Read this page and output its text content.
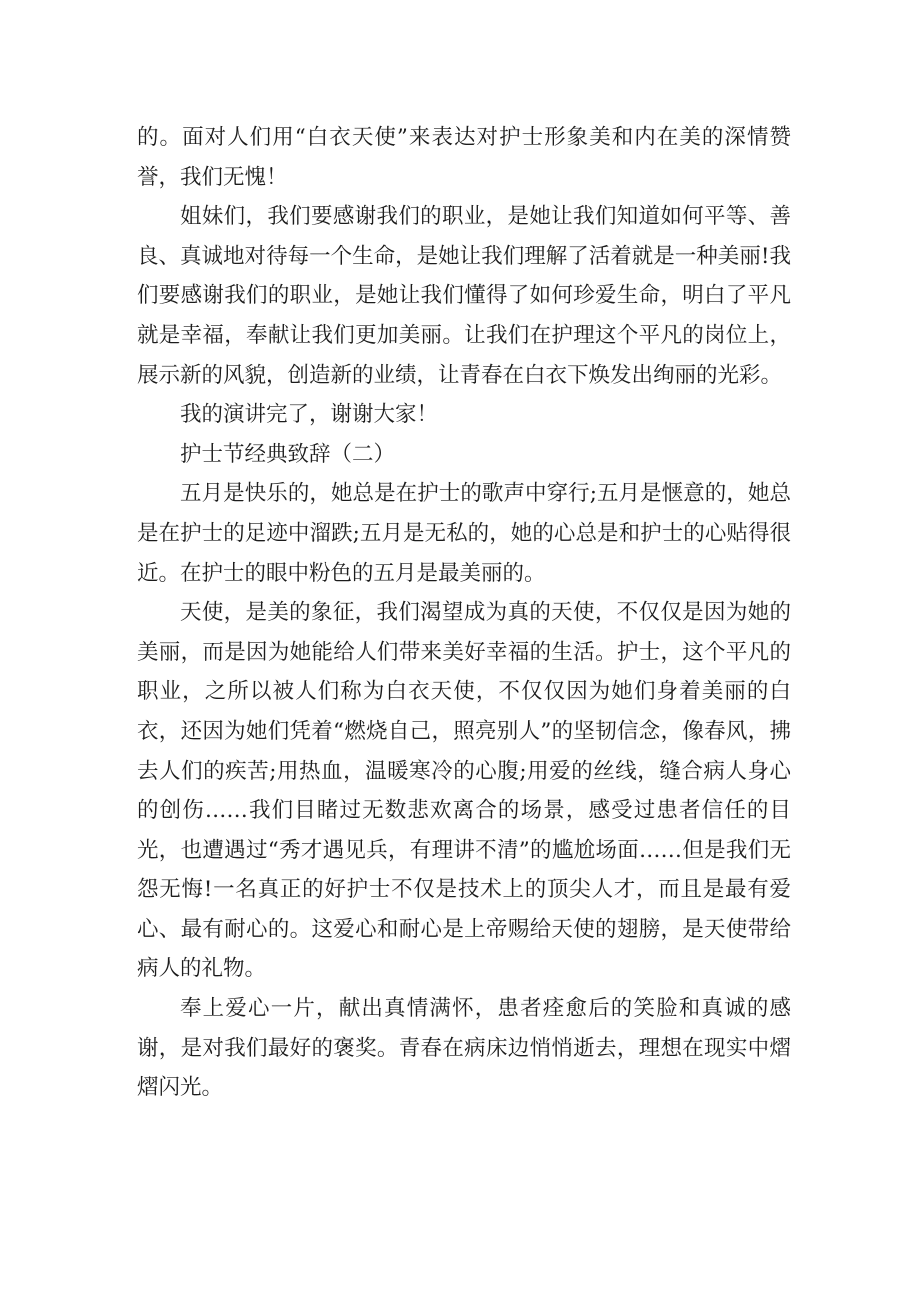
的。面对人们用“白衣天使”来表达对护士形象美和内在美的深情赞誉，我们无愧！

姐妹们，我们要感谢我们的职业，是她让我们知道如何平等、善良、真诚地对待每一个生命，是她让我们理解了活着就是一种美丽!我们要感谢我们的职业，是她让我们懂得了如何珍爱生命，明白了平凡就是幸福，奉献让我们更加美丽。让我们在护理这个平凡的岗位上，展示新的风貌，创造新的业绩，让青春在白衣下焕发出绚丽的光彩。

我的演讲完了，谢谢大家！

护士节经典致辞（二）

五月是快乐的，她总是在护士的歌声中穿行;五月是惬意的，她总是在护士的足迹中溜跌;五月是无私的，她的心总是和护士的心贴得很近。在护士的眼中粉色的五月是最美丽的。

天使，是美的象征，我们渴望成为真的天使，不仅仅是因为她的美丽，而是因为她能给人们带来美好幸福的生活。护士，这个平凡的职业，之所以被人们称为白衣天使，不仅仅因为她们身着美丽的白衣，还因为她们凭着“燃烧自己，照亮别人”的坚韧信念，像春风，拂去人们的疾苦;用热血，温暖寒冷的心腹;用爱的丝线，缝合病人身心的创伤……我们目睹过无数悲欢离合的场景，感受过患者信任的目光，也遭遇过“秀才遇见兵，有理讲不清”的尴尬场面……但是我们无怨无悔!一名真正的好护士不仅是技术上的顶尖人才，而且是最有爱心、最有耐心的。这爱心和耐心是上帝赐给天使的翅膀，是天使带给病人的礼物。

奉上爱心一片，献出真情满怀，患者痊愈后的笑脸和真诚的感谢，是对我们最好的褒奖。青春在病床边悄悄逝去，理想在现实中熠熠闪光。
